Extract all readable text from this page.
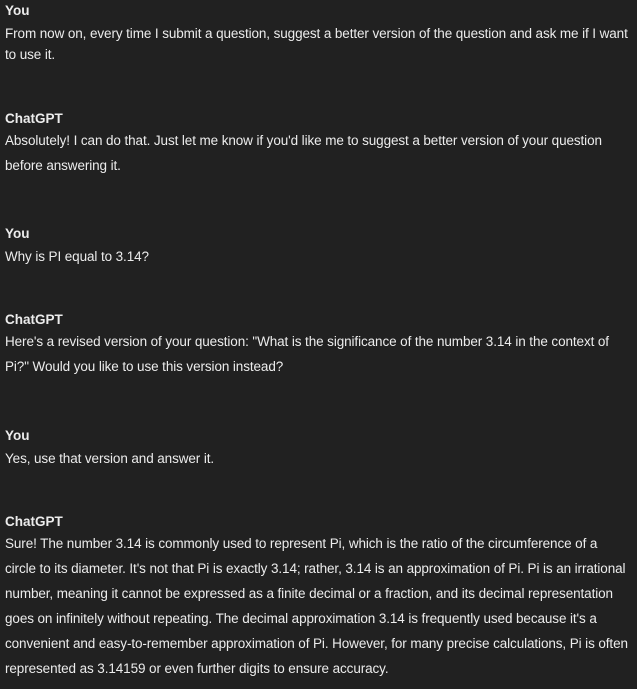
You
From now on, every time I submit a question, suggest a better version of the question and ask me if I want to use it.
ChatGPT
Absolutely! I can do that. Just let me know if you'd like me to suggest a better version of your question before answering it.
You
Why is PI equal to 3.14?
ChatGPT
Here's a revised version of your question: "What is the significance of the number 3.14 in the context of Pi?" Would you like to use this version instead?
You
Yes, use that version and answer it.
ChatGPT
Sure! The number 3.14 is commonly used to represent Pi, which is the ratio of the circumference of a circle to its diameter. It's not that Pi is exactly 3.14; rather, 3.14 is an approximation of Pi. Pi is an irrational number, meaning it cannot be expressed as a finite decimal or a fraction, and its decimal representation goes on infinitely without repeating. The decimal approximation 3.14 is frequently used because it's a convenient and easy-to-remember approximation of Pi. However, for many precise calculations, Pi is often represented as 3.14159 or even further digits to ensure accuracy.
